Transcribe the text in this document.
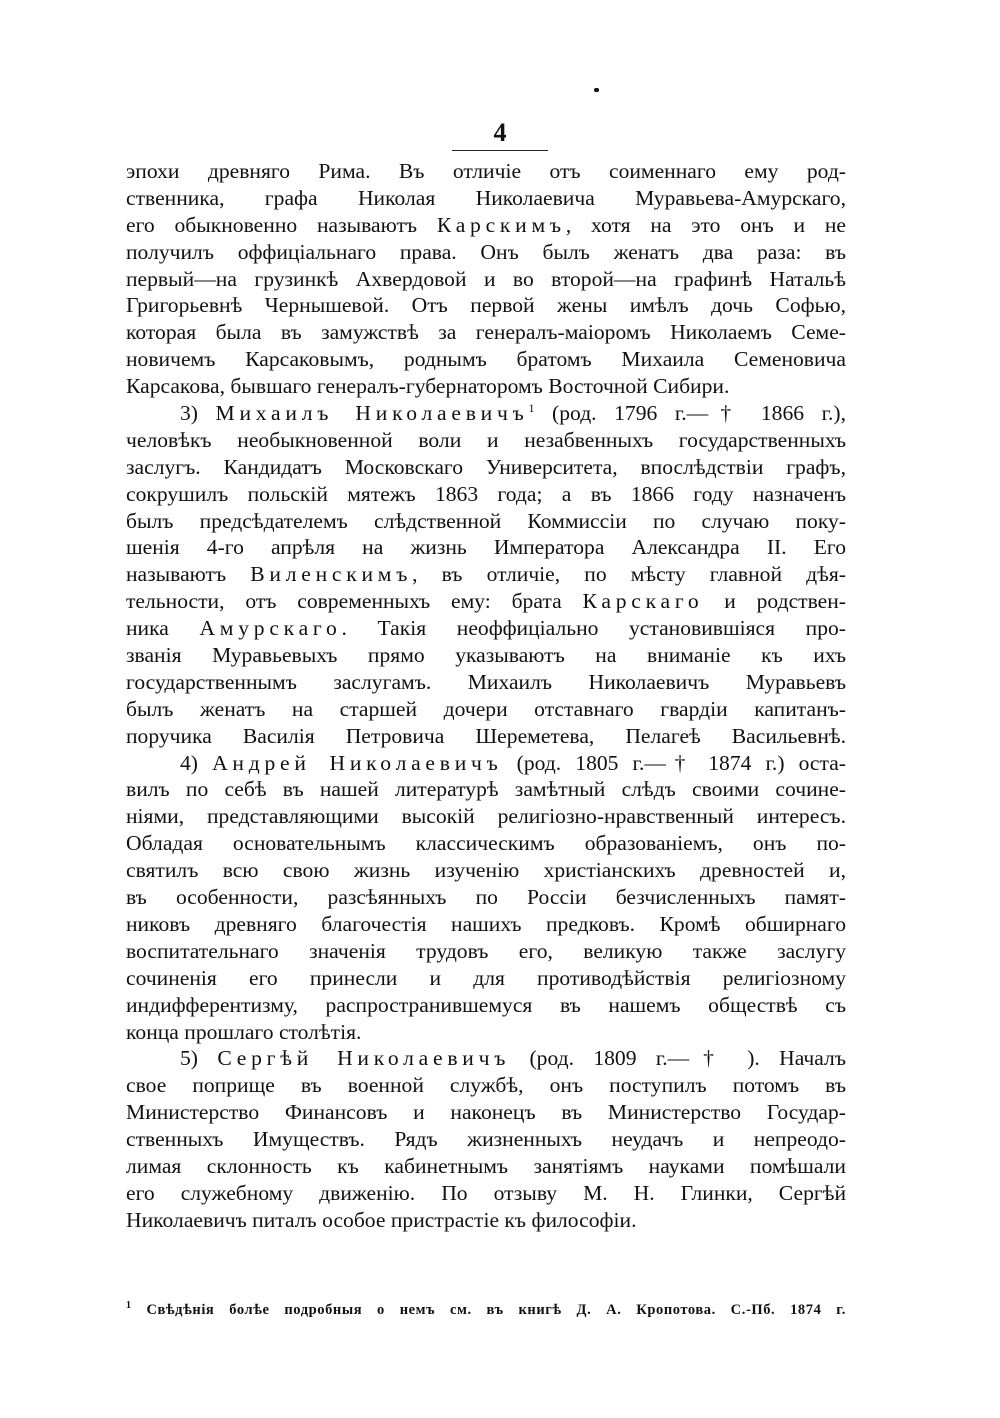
4
эпохи древняго Рима. Въ отличіе отъ соименнаго ему род-
ственника, графа Николая Николаевича Муравьева-Амурскаго,
его обыкновенно называютъ Карскимъ, хотя на это онъ и не
получилъ оффиціальнаго права. Онъ былъ женатъ два раза: въ
первый—на грузинкѣ Ахвердовой и во второй—на графинѣ Натальѣ
Григорьевнѣ Чернышевой. Отъ первой жены имѣлъ дочь Софью,
которая была въ замужствѣ за генералъ-маіоромъ Николаемъ Семе-
новичемъ Карсаковымъ, роднымъ братомъ Михаила Семеновича
Карсакова, бывшаго генералъ-губернаторомъ Восточной Сибири.
3) Михаилъ Николаевичъ$^1$ (род. 1796 г.—† 1866 г.),
человѣкъ необыкновенной воли и незабвенныхъ государственныхъ
заслугъ. Кандидатъ Московскаго Университета, впослѣдствіи графъ,
сокрушилъ польскій мятежъ 1863 года; а въ 1866 году назначенъ
былъ предсѣдателемъ слѣдственной Коммиссіи по случаю поку-
шенія 4-го апрѣля на жизнь Императора Александра II. Его
называютъ Виленскимъ, въ отличіе, по мѣсту главной дѣя-
тельности, отъ современныхъ ему: брата Карскаго и родствен-
ника Амурскаго. Такія неоффиціально установившіяся про-
званія Муравьевыхъ прямо указываютъ на вниманіе къ ихъ
государственнымъ заслугамъ. Михаилъ Николаевичъ Муравьевъ
былъ женатъ на старшей дочери отставнаго гвардіи капитанъ-
поручика Василія Петровича Шереметева, Пелагеѣ Васильевнѣ.
4) Андрей Николаевичъ (род. 1805 г.—† 1874 г.) оста-
вилъ по себѣ въ нашей литературѣ замѣтный слѣдъ своими сочине-
ніями, представляющими высокій религіозно-нравственный интересъ.
Обладая основательнымъ классическимъ образованіемъ, онъ по-
святилъ всю свою жизнь изученію христіанскихъ древностей и,
въ особенности, разсѣянныхъ по Россіи безчисленныхъ памят-
никовъ древняго благочестія нашихъ предковъ. Кромѣ обширнаго
воспитательнаго значенія трудовъ его, великую также заслугу
сочиненія его принесли и для противодѣйствія религіозному
индифферентизму, распространившемуся въ нашемъ обществѣ съ
конца прошлаго столѣтія.
5) Сергѣй Николаевичъ (род. 1809 г.—† ). Началъ
свое поприще въ военной службѣ, онъ поступилъ потомъ въ
Министерство Финансовъ и наконецъ въ Министерство Государ-
ственныхъ Имуществъ. Рядъ жизненныхъ неудачъ и непреодо-
лимая склонность къ кабинетнымъ занятіямъ науками помѣшали
его служебному движенію. По отзыву М. Н. Глинки, Сергѣй
Николаевичъ питалъ особое пристрастіе къ философіи.
$^1$ Свѣдѣнія болѣе подробныя о немъ см. въ книгѣ Д. А. Кропотова. С.-Пб. 1874 г.
